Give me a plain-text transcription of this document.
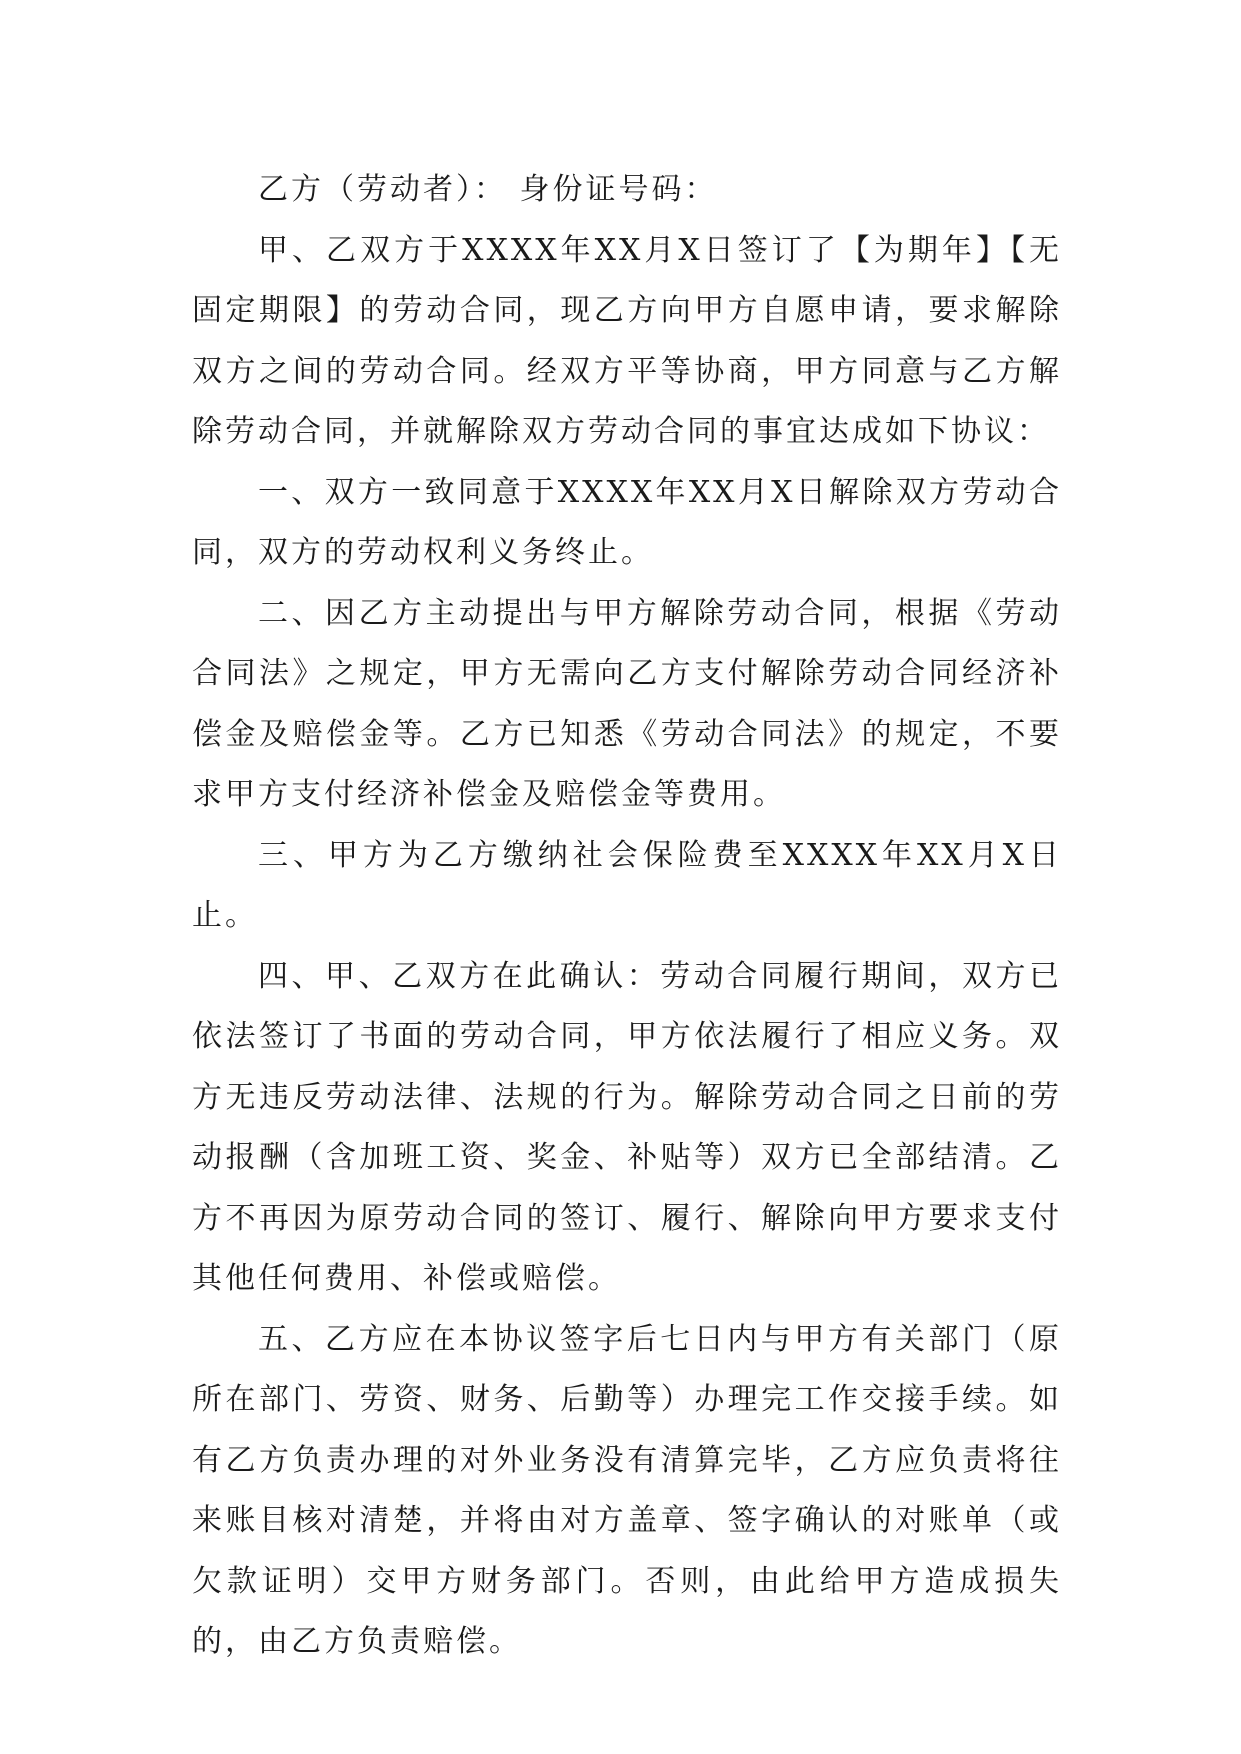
乙方（劳动者）： 身份证号码：

甲、乙双方于XXXX年XX月X日签订了【为期年】【无固定期限】的劳动合同，现乙方向甲方自愿申请，要求解除双方之间的劳动合同。经双方平等协商，甲方同意与乙方解除劳动合同，并就解除双方劳动合同的事宜达成如下协议：

一、双方一致同意于XXXX年XX月X日解除双方劳动合同，双方的劳动权利义务终止。

二、因乙方主动提出与甲方解除劳动合同，根据《劳动合同法》之规定，甲方无需向乙方支付解除劳动合同经济补偿金及赔偿金等。乙方已知悉《劳动合同法》的规定，不要求甲方支付经济补偿金及赔偿金等费用。

三、甲方为乙方缴纳社会保险费至XXXX年XX月X日止。

四、甲、乙双方在此确认：劳动合同履行期间，双方已依法签订了书面的劳动合同，甲方依法履行了相应义务。双方无违反劳动法律、法规的行为。解除劳动合同之日前的劳动报酬（含加班工资、奖金、补贴等）双方已全部结清。乙方不再因为原劳动合同的签订、履行、解除向甲方要求支付其他任何费用、补偿或赔偿。

五、乙方应在本协议签字后七日内与甲方有关部门（原所在部门、劳资、财务、后勤等）办理完工作交接手续。如有乙方负责办理的对外业务没有清算完毕，乙方应负责将往来账目核对清楚，并将由对方盖章、签字确认的对账单（或欠款证明）交甲方财务部门。否则，由此给甲方造成损失的，由乙方负责赔偿。
